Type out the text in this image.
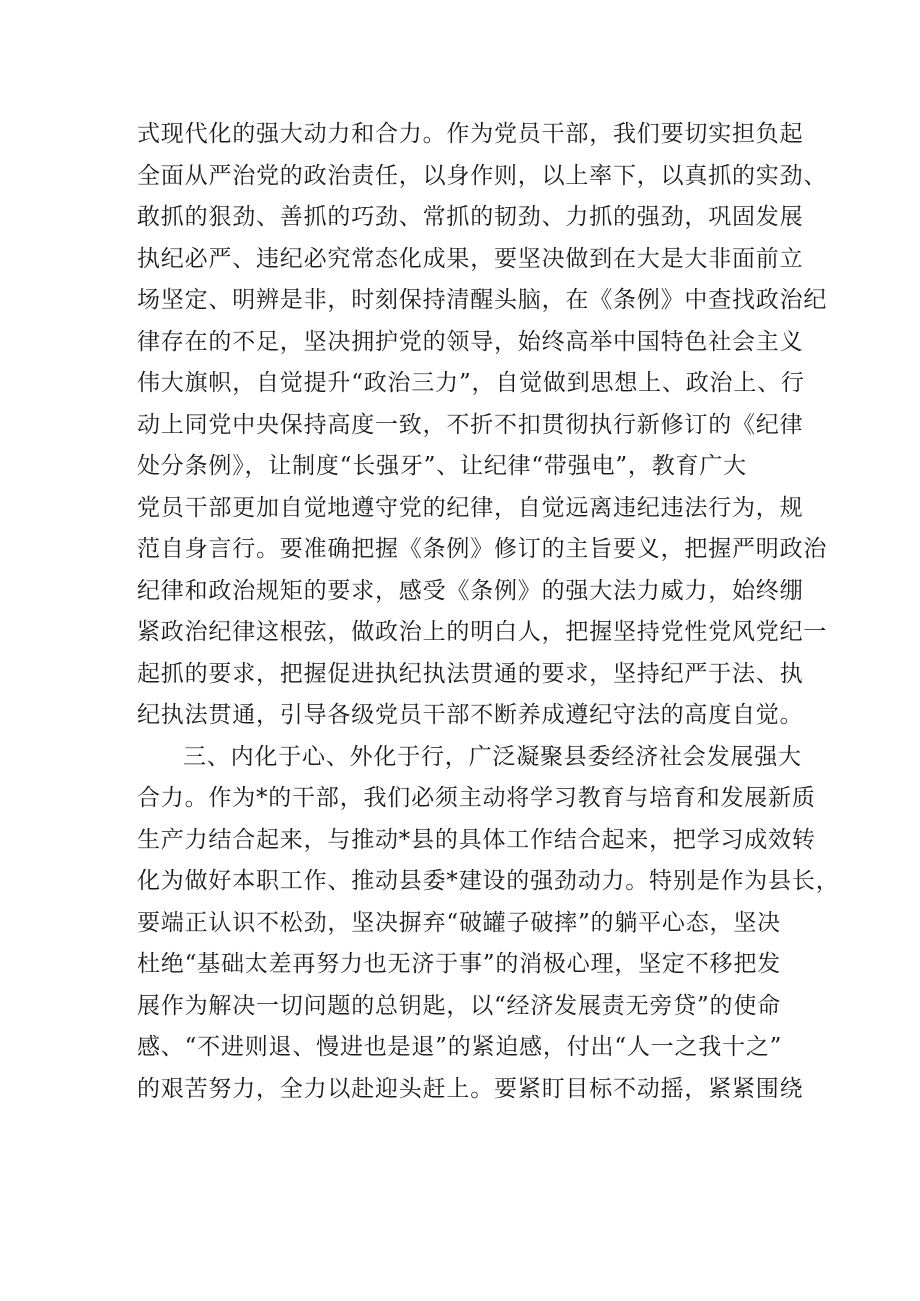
式现代化的强大动力和合力。作为党员干部，我们要切实担负起
全面从严治党的政治责任，以身作则，以上率下，以真抓的实劲、
敢抓的狠劲、善抓的巧劲、常抓的韧劲、力抓的强劲，巩固发展
执纪必严、违纪必究常态化成果，要坚决做到在大是大非面前立
场坚定、明辨是非，时刻保持清醒头脑，在《条例》中查找政治纪
律存在的不足，坚决拥护党的领导，始终高举中国特色社会主义
伟大旗帜，自觉提升“政治三力”，自觉做到思想上、政治上、行
动上同党中央保持高度一致，不折不扣贯彻执行新修订的《纪律
处分条例》，让制度“长强牙”、让纪律“带强电”，教育广大
党员干部更加自觉地遵守党的纪律，自觉远离违纪违法行为，规
范自身言行。要准确把握《条例》修订的主旨要义，把握严明政治
纪律和政治规矩的要求，感受《条例》的强大法力威力，始终绷
紧政治纪律这根弦，做政治上的明白人，把握坚持党性党风党纪一
起抓的要求，把握促进执纪执法贯通的要求，坚持纪严于法、执
纪执法贯通，引导各级党员干部不断养成遵纪守法的高度自觉。
三、内化于心、外化于行，广泛凝聚县委经济社会发展强大
合力。作为*的干部，我们必须主动将学习教育与培育和发展新质
生产力结合起来，与推动*县的具体工作结合起来，把学习成效转
化为做好本职工作、推动县委*建设的强劲动力。特别是作为县长，
要端正认识不松劲，坚决摒弃“破罐子破摔”的躺平心态，坚决
杜绝“基础太差再努力也无济于事”的消极心理，坚定不移把发
展作为解决一切问题的总钥匙，以“经济发展责无旁贷”的使命
感、“不进则退、慢进也是退”的紧迫感，付出“人一之我十之”
的艰苦努力，全力以赴迎头赶上。要紧盯目标不动摇，紧紧围绕
